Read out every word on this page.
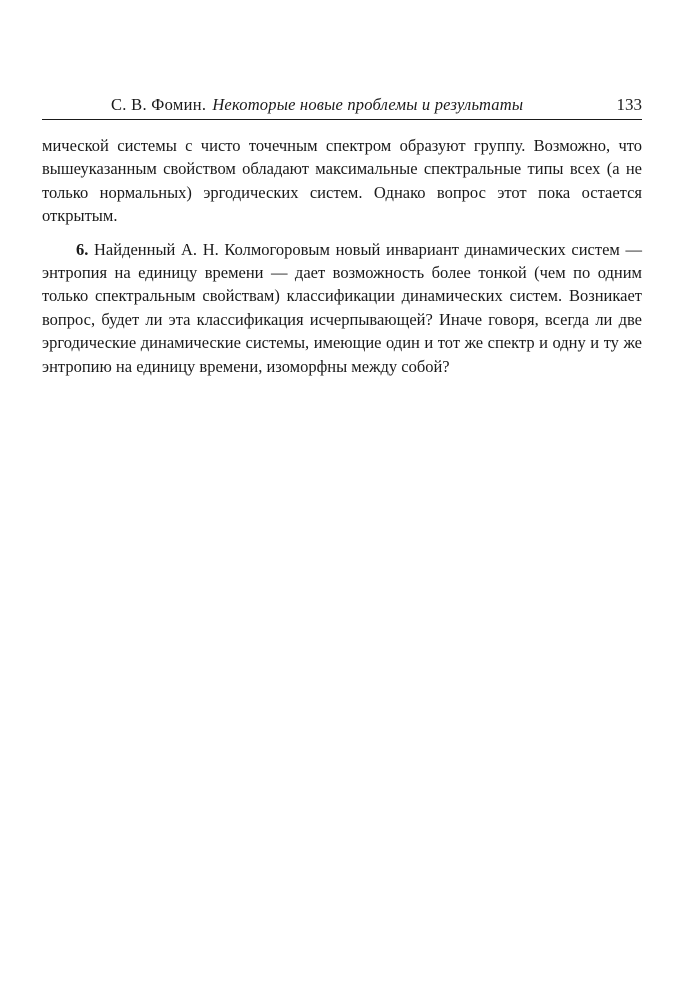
С. В. Фомин. Некоторые новые проблемы и результаты	133

мической системы с чисто точечным спектром образуют группу. Возможно, что вышеуказанным свойством обладают максимальные спектральные типы всех (а не только нормальных) эргодических систем. Однако вопрос этот пока остается открытым.

6. Найденный А. Н. Колмогоровым новый инвариант динамических систем — энтропия на единицу времени — дает возможность более тонкой (чем по одним только спектральным свойствам) классификации динамических систем. Возникает вопрос, будет ли эта классификация исчерпывающей? Иначе говоря, всегда ли две эргодические динамические системы, имеющие один и тот же спектр и одну и ту же энтропию на единицу времени, изоморфны между собой?
